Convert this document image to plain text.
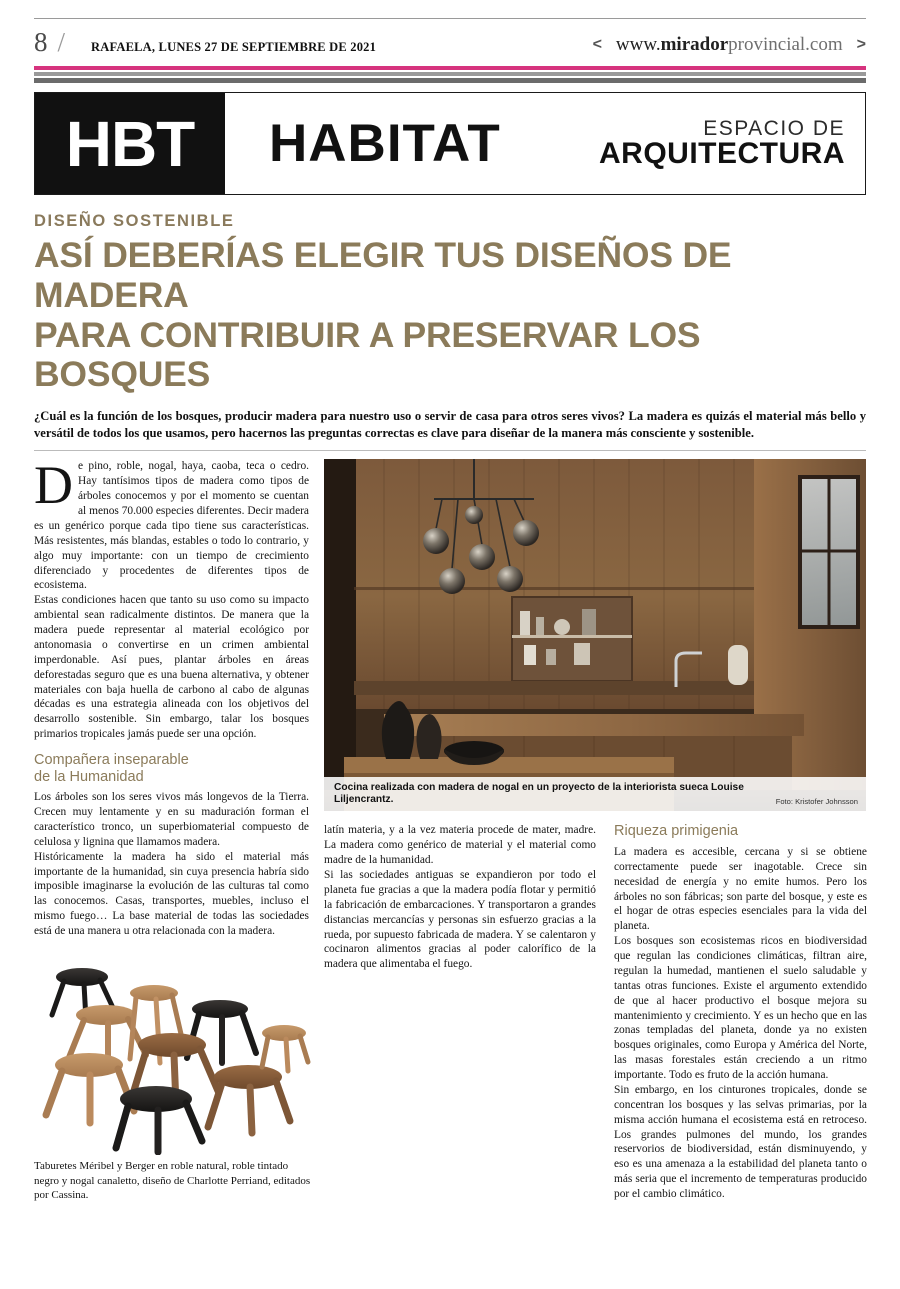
8 /	RAFAELA, LUNES 27 DE SEPTIEMBRE DE 2021	< www.miradorprovincial.com >
HBT	HABITAT	ESPACIO DE
ARQUITECTURA
DISEÑO SOSTENIBLE
ASÍ DEBERÍAS ELEGIR TUS DISEÑOS DE MADERA
PARA CONTRIBUIR A PRESERVAR LOS BOSQUES
¿Cuál es la función de los bosques, producir madera para nuestro uso o servir de casa para otros seres vivos? La madera es quizás el material más bello y versátil de todos los que usamos, pero hacernos las preguntas correctas es clave para diseñar de la manera más consciente y sostenible.

De pino, roble, nogal, haya, caoba, teca o cedro. Hay tantísimos tipos de madera como tipos de árboles conocemos y por el momento se cuentan al menos 70.000 especies diferentes. Decir madera es un genérico porque cada tipo tiene sus características. Más resistentes, más blandas, estables o todo lo contrario, y algo muy importante: con un tiempo de crecimiento diferenciado y procedentes de diferentes tipos de ecosistema.

Estas condiciones hacen que tanto su uso como su impacto ambiental sean radicalmente distintos. De manera que la madera puede representar al material ecológico por antonomasia o convertirse en un crimen ambiental imperdonable. Así pues, plantar árboles en áreas deforestadas seguro que es una buena alternativa, y obtener materiales con baja huella de carbono al cabo de algunas décadas es una estrategia alineada con los objetivos del desarrollo sostenible. Sin embargo, talar los bosques primarios tropicales jamás puede ser una opción.

Compañera inseparable
de la Humanidad

Los árboles son los seres vivos más longevos de la Tierra. Crecen muy lentamente y en su maduración forman el característico tronco, un superbiomaterial compuesto de celulosa y lignina que llamamos madera.

Históricamente la madera ha sido el material más importante de la humanidad, sin cuya presencia habría sido imposible imaginarse la evolución de las culturas tal como las conocemos. Casas, transportes, muebles, incluso el mismo fuego… La base material de todas las sociedades está de una manera u otra relacionada con la madera.

Cocina realizada con madera de nogal en un proyecto de la interiorista sueca Louise Liljencrantz.	Foto: Kristofer Johnsson

latín materia, y a la vez materia procede de mater, madre. La madera como genérico de material y el material como madre de la humanidad.

Si las sociedades antiguas se expandieron por todo el planeta fue gracias a que la madera podía flotar y permitió la fabricación de embarcaciones. Y transportaron a grandes distancias mercancías y personas sin esfuerzo gracias a la rueda, por supuesto fabricada de madera. Y se calentaron y cocinaron alimentos gracias al poder calorífico de la madera que alimentaba el fuego.

Riqueza primigenia

La madera es accesible, cercana y si se obtiene correctamente puede ser inagotable. Crece sin necesidad de energía y no emite humos. Pero los árboles no son fábricas; son parte del bosque, y este es el hogar de otras especies esenciales para la vida del planeta.

Los bosques son ecosistemas ricos en biodiversidad que regulan las condiciones climáticas, filtran aire, regulan la humedad, mantienen el suelo saludable y tantas otras funciones. Existe el argumento extendido de que al hacer productivo el bosque mejora su mantenimiento y crecimiento. Y es un hecho que en las zonas templadas del planeta, donde ya no existen bosques originales, como Europa y América del Norte, las masas forestales están creciendo a un ritmo importante. Todo es fruto de la acción humana.

Sin embargo, en los cinturones tropicales, donde se concentran los bosques y las selvas primarias, por la misma acción humana el ecosistema está en retroceso. Los grandes pulmones del mundo, los grandes reservorios de biodiversidad, están disminuyendo, y eso es una amenaza a la estabilidad del planeta tanto o más seria que el incremento de temperaturas producido por el cambio climático.

Taburetes Méribel y Berger en roble natural, roble tintado negro y nogal canaletto, diseño de Charlotte Perriand, editados por Cassina.
